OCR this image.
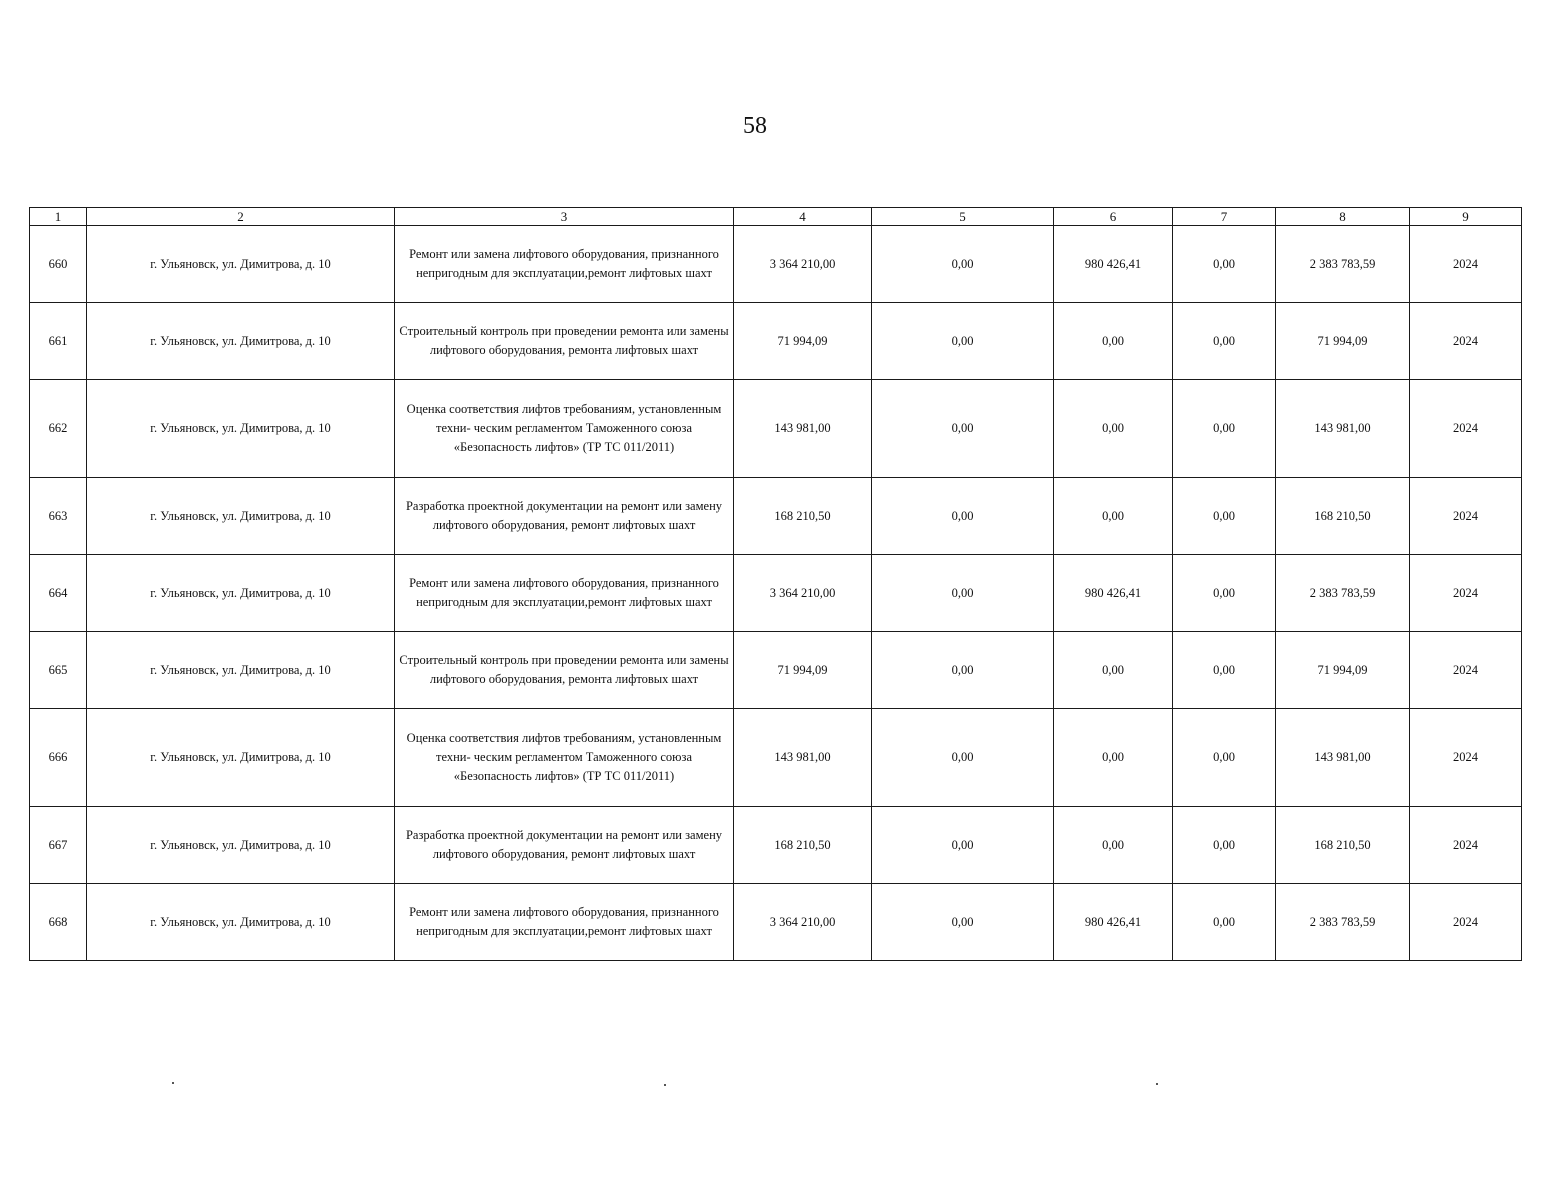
58
1	2	3	4	5	6	7	8	9
660	г. Ульяновск, ул. Димитрова, д. 10	Ремонт или замена лифтового оборудования, признанного непригодным для эксплуатации,ремонт лифтовых шахт	3 364 210,00	0,00	980 426,41	0,00	2 383 783,59	2024
661	г. Ульяновск, ул. Димитрова, д. 10	Строительный контроль при проведении ремонта или замены лифтового оборудования, ремонта лифтовых шахт	71 994,09	0,00	0,00	0,00	71 994,09	2024
662	г. Ульяновск, ул. Димитрова, д. 10	Оценка соответствия лифтов требованиям, установленным техни- ческим регламентом Таможенного союза «Безопасность лифтов» (ТР ТС 011/2011)	143 981,00	0,00	0,00	0,00	143 981,00	2024
663	г. Ульяновск, ул. Димитрова, д. 10	Разработка проектной документации на ремонт или замену лифтового оборудования, ремонт лифтовых шахт	168 210,50	0,00	0,00	0,00	168 210,50	2024
664	г. Ульяновск, ул. Димитрова, д. 10	Ремонт или замена лифтового оборудования, признанного непригодным для эксплуатации,ремонт лифтовых шахт	3 364 210,00	0,00	980 426,41	0,00	2 383 783,59	2024
665	г. Ульяновск, ул. Димитрова, д. 10	Строительный контроль при проведении ремонта или замены лифтового оборудования, ремонта лифтовых шахт	71 994,09	0,00	0,00	0,00	71 994,09	2024
666	г. Ульяновск, ул. Димитрова, д. 10	Оценка соответствия лифтов требованиям, установленным техни- ческим регламентом Таможенного союза «Безопасность лифтов» (ТР ТС 011/2011)	143 981,00	0,00	0,00	0,00	143 981,00	2024
667	г. Ульяновск, ул. Димитрова, д. 10	Разработка проектной документации на ремонт или замену лифтового оборудования, ремонт лифтовых шахт	168 210,50	0,00	0,00	0,00	168 210,50	2024
668	г. Ульяновск, ул. Димитрова, д. 10	Ремонт или замена лифтового оборудования, признанного непригодным для эксплуатации,ремонт лифтовых шахт	3 364 210,00	0,00	980 426,41	0,00	2 383 783,59	2024
